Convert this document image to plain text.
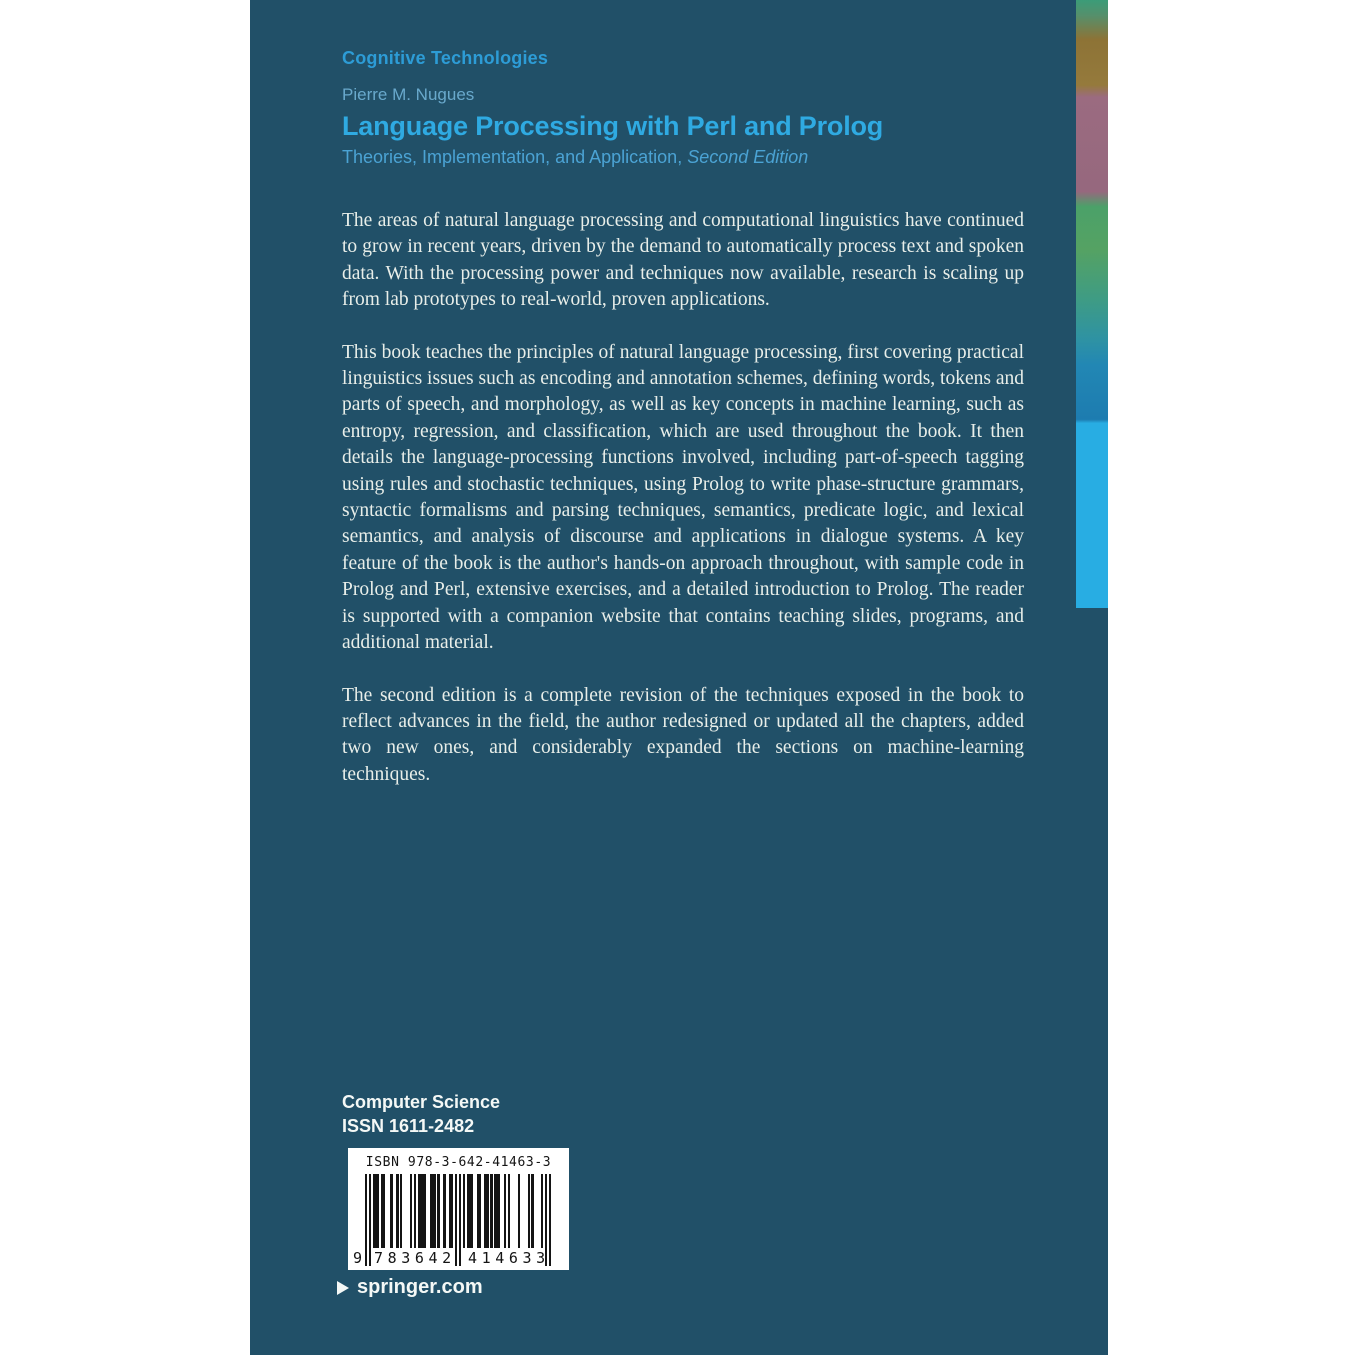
Cognitive Technologies
Pierre M. Nugues
Language Processing with Perl and Prolog
Theories, Implementation, and Application, Second Edition

The areas of natural language processing and computational linguistics have continued to grow in recent years, driven by the demand to automatically process text and spoken data. With the processing power and techniques now available, research is scaling up from lab prototypes to real-world, proven applications.

This book teaches the principles of natural language processing, first covering practical linguistics issues such as encoding and annotation schemes, defining words, tokens and parts of speech, and morphology, as well as key concepts in machine learning, such as entropy, regression, and classification, which are used throughout the book. It then details the language-processing functions involved, including part-of-speech tagging using rules and stochastic techniques, using Prolog to write phase-structure grammars, syntactic formalisms and parsing techniques, semantics, predicate logic, and lexical semantics, and analysis of discourse and applications in dialogue systems. A key feature of the book is the author's hands-on approach throughout, with sample code in Prolog and Perl, extensive exercises, and a detailed introduction to Prolog. The reader is supported with a companion website that contains teaching slides, programs, and additional material.

The second edition is a complete revision of the techniques exposed in the book to reflect advances in the field, the author redesigned or updated all the chapters, added two new ones, and considerably expanded the sections on machine-learning techniques.

Computer Science
ISSN 1611-2482
ISBN 978-3-642-41463-3
9 783642 414633
springer.com
